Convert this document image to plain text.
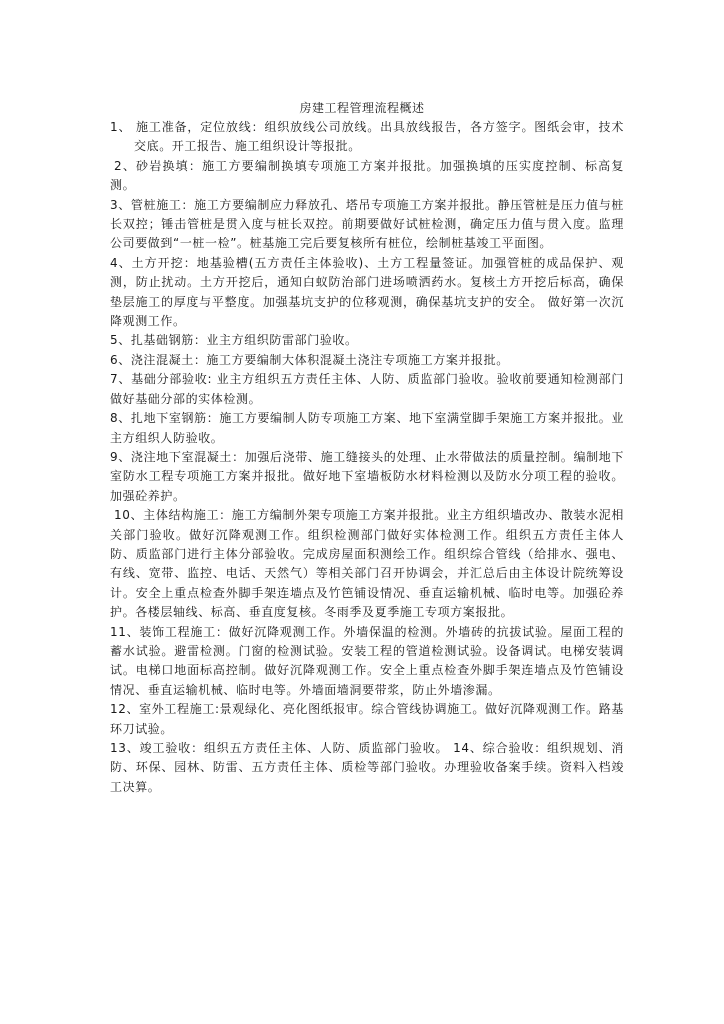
房建工程管理流程概述

1、 施工准备，定位放线：组织放线公司放线。出具放线报告，各方签字。图纸会审，技术交底。开工报告、施工组织设计等报批。

2、砂岩换填：施工方要编制换填专项施工方案并报批。加强换填的压实度控制、标高复测。

3、管桩施工：施工方要编制应力释放孔、塔吊专项施工方案并报批。静压管桩是压力值与桩长双控；锤击管桩是贯入度与桩长双控。前期要做好试桩检测，确定压力值与贯入度。监理公司要做到“一桩一检”。桩基施工完后要复核所有桩位，绘制桩基竣工平面图。

4、土方开挖：地基验槽(五方责任主体验收)、土方工程量签证。加强管桩的成品保护、观测，防止扰动。土方开挖后，通知白蚁防治部门进场喷洒药水。复核土方开挖后标高，确保垫层施工的厚度与平整度。加强基坑支护的位移观测，确保基坑支护的安全。 做好第一次沉降观测工作。

5、扎基础钢筋：业主方组织防雷部门验收。

6、浇注混凝土：施工方要编制大体积混凝土浇注专项施工方案并报批。

7、基础分部验收: 业主方组织五方责任主体、人防、质监部门验收。验收前要通知检测部门做好基础分部的实体检测。

8、扎地下室钢筋：施工方要编制人防专项施工方案、地下室满堂脚手架施工方案并报批。业主方组织人防验收。

9、浇注地下室混凝土：加强后浇带、施工缝接头的处理、止水带做法的质量控制。编制地下室防水工程专项施工方案并报批。做好地下室墙板防水材料检测以及防水分项工程的验收。加强砼养护。

10、主体结构施工：施工方编制外架专项施工方案并报批。业主方组织墙改办、散装水泥相关部门验收。做好沉降观测工作。组织检测部门做好实体检测工作。组织五方责任主体人防、质监部门进行主体分部验收。完成房屋面积测绘工作。组织综合管线（给排水、强电、有线、宽带、监控、电话、天然气）等相关部门召开协调会，并汇总后由主体设计院统筹设计。安全上重点检查外脚手架连墙点及竹笆铺设情况、垂直运输机械、临时电等。加强砼养护。各楼层轴线、标高、垂直度复核。冬雨季及夏季施工专项方案报批。

11、装饰工程施工：做好沉降观测工作。外墙保温的检测。外墙砖的抗拔试验。屋面工程的蓄水试验。避雷检测。门窗的检测试验。安装工程的管道检测试验。设备调试。电梯安装调试。电梯口地面标高控制。做好沉降观测工作。安全上重点检查外脚手架连墙点及竹笆铺设情况、垂直运输机械、临时电等。外墙面墙洞要带浆，防止外墙渗漏。

12、室外工程施工:景观绿化、亮化图纸报审。综合管线协调施工。做好沉降观测工作。路基环刀试验。

13、竣工验收：组织五方责任主体、人防、质监部门验收。 14、综合验收：组织规划、消防、环保、园林、防雷、五方责任主体、质检等部门验收。办理验收备案手续。资料入档竣工决算。
